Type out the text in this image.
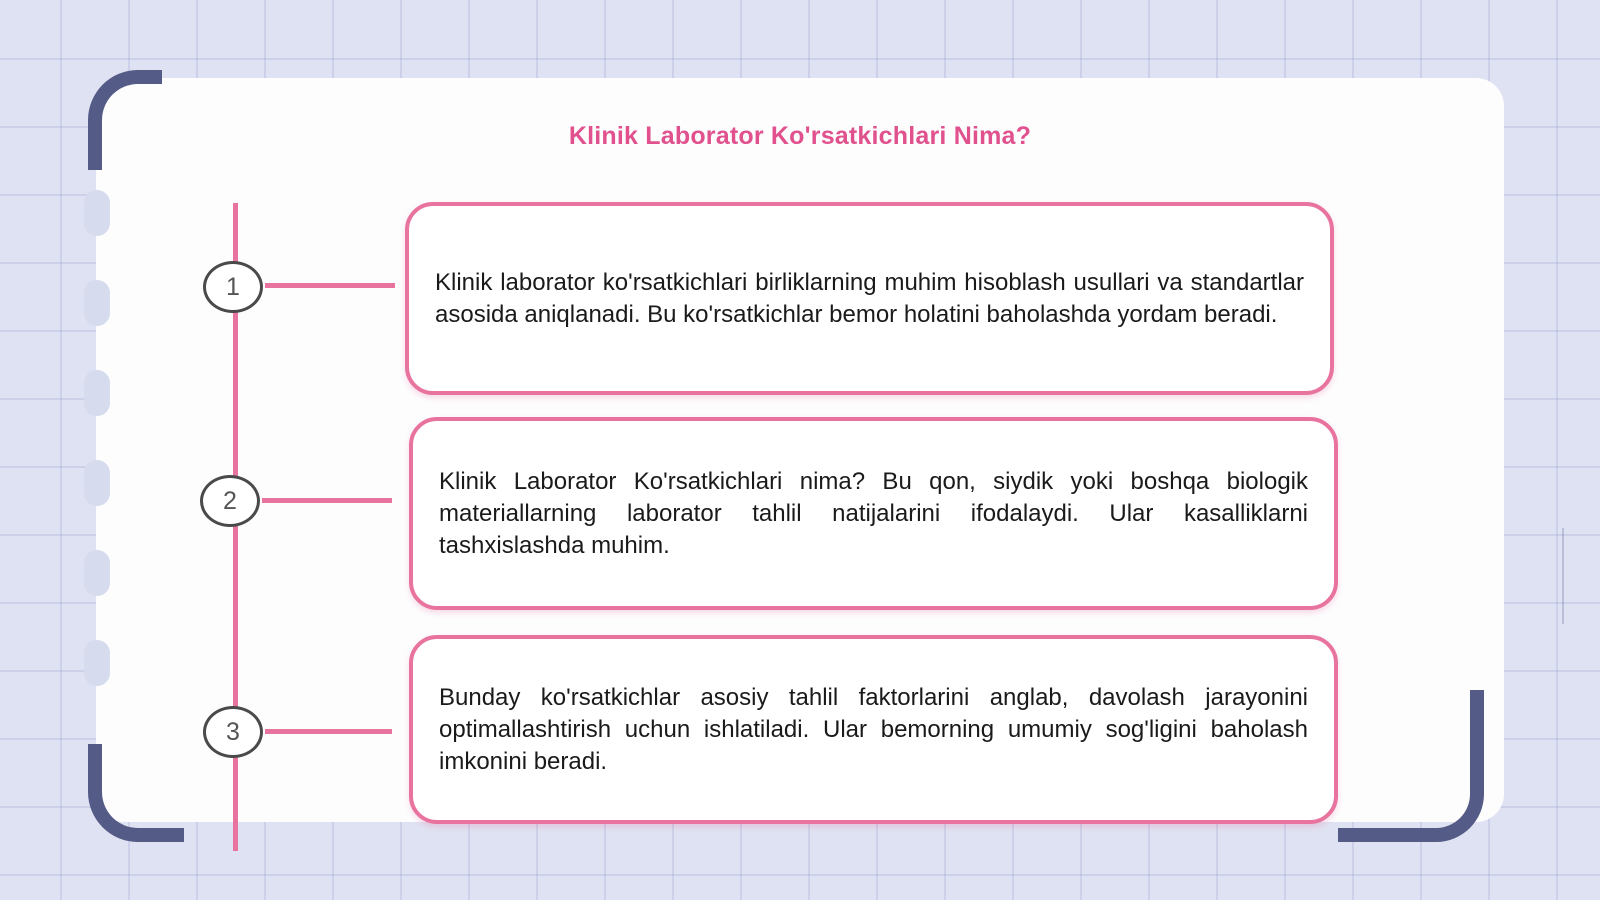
Klinik Laborator Ko'rsatkichlari Nima?
1
2
3
Klinik laborator ko'rsatkichlari birliklarning muhim hisoblash usullari va standartlar asosida aniqlanadi. Bu ko'rsatkichlar bemor holatini baholashda yordam beradi.
Klinik Laborator Ko'rsatkichlari nima? Bu qon, siydik yoki boshqa biologik materiallarning laborator tahlil natijalarini ifodalaydi. Ular kasalliklarni tashxislashda muhim.
Bunday ko'rsatkichlar asosiy tahlil faktorlarini anglab, davolash jarayonini optimallashtirish uchun ishlatiladi. Ular bemorning umumiy sog'ligini baholash imkonini beradi.
